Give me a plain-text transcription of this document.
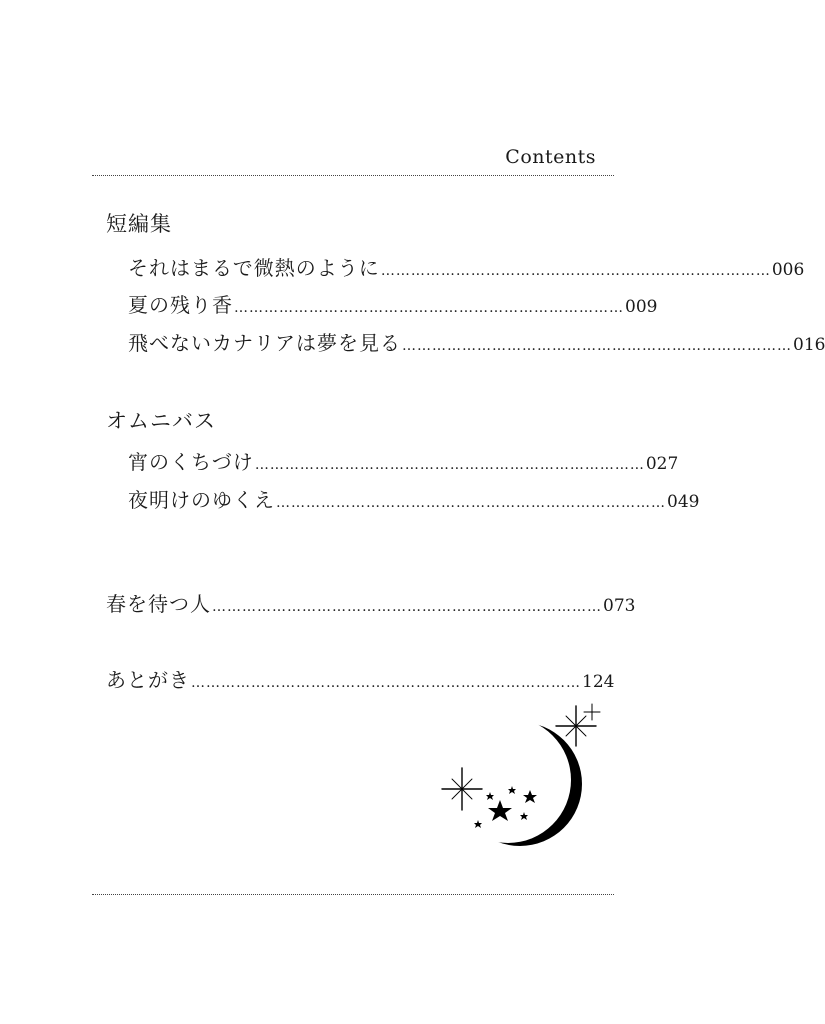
Contents
短編集
それはまるで微熱のように …………………………………………………………………… 006
夏の残り香 …………………………………………………………………… 009
飛べないカナリアは夢を見る …………………………………………………………………… 016
オムニバス
宵のくちづけ …………………………………………………………………… 027
夜明けのゆくえ …………………………………………………………………… 049
春を待つ人 …………………………………………………………………… 073
あとがき …………………………………………………………………… 124
